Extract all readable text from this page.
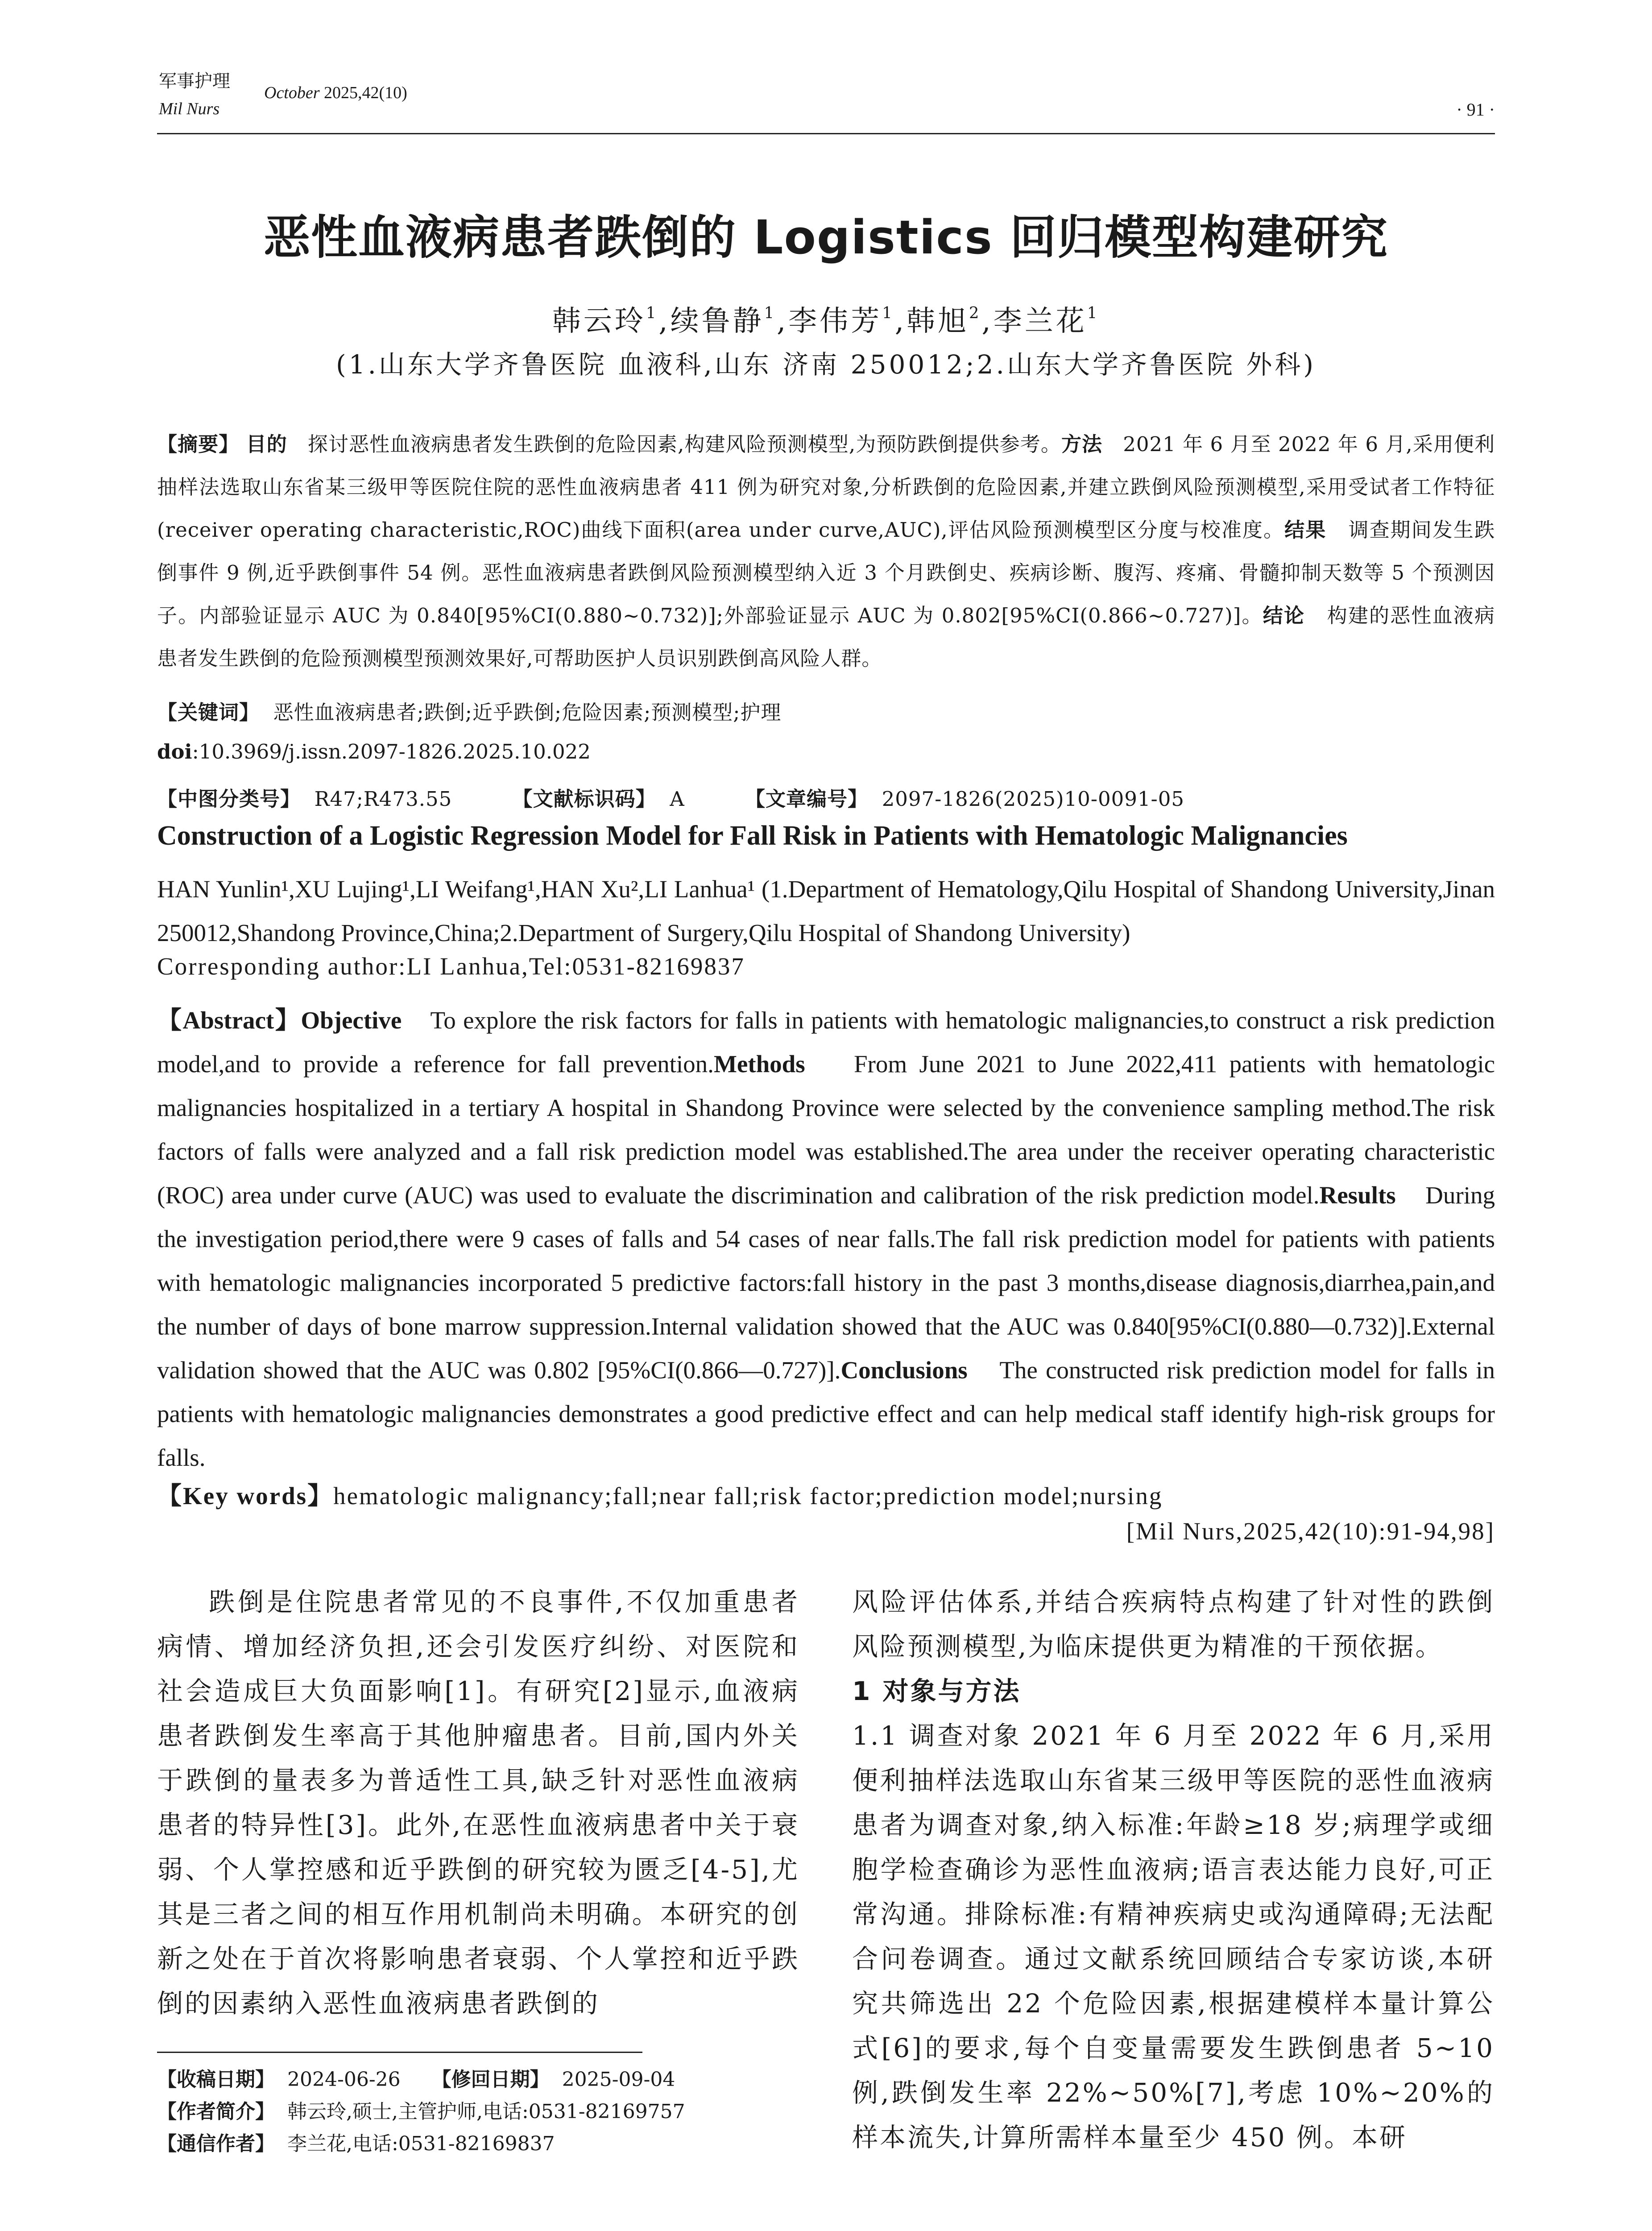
军事护理
Mil Nurs
October 2025,42(10)
· 91 ·
恶性血液病患者跌倒的 Logistics 回归模型构建研究
韩云玲$^1$,续鲁静$^1$,李伟芳$^1$,韩旭$^2$,李兰花$^1$
(1.山东大学齐鲁医院 血液科,山东 济南 250012;2.山东大学齐鲁医院 外科)
【摘要】 目的 探讨恶性血液病患者发生跌倒的危险因素,构建风险预测模型,为预防跌倒提供参考。方法 2021 年 6 月至 2022 年 6 月,采用便利抽样法选取山东省某三级甲等医院住院的恶性血液病患者 411 例为研究对象,分析跌倒的危险因素,并建立跌倒风险预测模型,采用受试者工作特征(receiver operating characteristic,ROC)曲线下面积(area under curve,AUC),评估风险预测模型区分度与校准度。结果 调查期间发生跌倒事件 9 例,近乎跌倒事件 54 例。恶性血液病患者跌倒风险预测模型纳入近 3 个月跌倒史、疾病诊断、腹泻、疼痛、骨髓抑制天数等 5 个预测因子。内部验证显示 AUC 为 0.840[95%CI(0.880~0.732)];外部验证显示 AUC 为 0.802[95%CI(0.866~0.727)]。结论 构建的恶性血液病患者发生跌倒的危险预测模型预测效果好,可帮助医护人员识别跌倒高风险人群。
【关键词】 恶性血液病患者;跌倒;近乎跌倒;危险因素;预测模型;护理
doi:10.3969/j.issn.2097-1826.2025.10.022
【中图分类号】 R47;R473.55	【文献标识码】 A	【文章编号】 2097-1826(2025)10-0091-05
Construction of a Logistic Regression Model for Fall Risk in Patients with Hematologic Malignancies
HAN Yunlin¹,XU Lujing¹,LI Weifang¹,HAN Xu²,LI Lanhua¹ (1.Department of Hematology,Qilu Hospital of Shandong University,Jinan 250012,Shandong Province,China;2.Department of Surgery,Qilu Hospital of Shandong University)
Corresponding author:LI Lanhua,Tel:0531-82169837
【Abstract】Objective To explore the risk factors for falls in patients with hematologic malignancies,to construct a risk prediction model,and to provide a reference for fall prevention.Methods From June 2021 to June 2022,411 patients with hematologic malignancies hospitalized in a tertiary A hospital in Shandong Province were selected by the convenience sampling method.The risk factors of falls were analyzed and a fall risk prediction model was established.The area under the receiver operating characteristic (ROC) area under curve (AUC) was used to evaluate the discrimination and calibration of the risk prediction model.Results During the investigation period,there were 9 cases of falls and 54 cases of near falls.The fall risk prediction model for patients with patients with hematologic malignancies incorporated 5 predictive factors:fall history in the past 3 months,disease diagnosis,diarrhea,pain,and the number of days of bone marrow suppression.Internal validation showed that the AUC was 0.840[95%CI(0.880—0.732)].External validation showed that the AUC was 0.802 [95%CI(0.866—0.727)].Conclusions The constructed risk prediction model for falls in patients with hematologic malignancies demonstrates a good predictive effect and can help medical staff identify high-risk groups for falls.
【Key words】hematologic malignancy;fall;near fall;risk factor;prediction model;nursing
[Mil Nurs,2025,42(10):91-94,98]

跌倒是住院患者常见的不良事件,不仅加重患者病情、增加经济负担,还会引发医疗纠纷、对医院和社会造成巨大负面影响[1]。有研究[2]显示,血液病患者跌倒发生率高于其他肿瘤患者。目前,国内外关于跌倒的量表多为普适性工具,缺乏针对恶性血液病患者的特异性[3]。此外,在恶性血液病患者中关于衰弱、个人掌控感和近乎跌倒的研究较为匮乏[4-5],尤其是三者之间的相互作用机制尚未明确。本研究的创新之处在于首次将影响患者衰弱、个人掌控和近乎跌倒的因素纳入恶性血液病患者跌倒的

风险评估体系,并结合疾病特点构建了针对性的跌倒风险预测模型,为临床提供更为精准的干预依据。

1 对象与方法

1.1 调查对象 2021 年 6 月至 2022 年 6 月,采用便利抽样法选取山东省某三级甲等医院的恶性血液病患者为调查对象,纳入标准:年龄≥18 岁;病理学或细胞学检查确诊为恶性血液病;语言表达能力良好,可正常沟通。排除标准:有精神疾病史或沟通障碍;无法配合问卷调查。通过文献系统回顾结合专家访谈,本研究共筛选出 22 个危险因素,根据建模样本量计算公式[6]的要求,每个自变量需要发生跌倒患者 5~10 例,跌倒发生率 22%~50%[7],考虑 10%~20%的样本流失,计算所需样本量至少 450 例。本研

【收稿日期】 2024-06-26 【修回日期】 2025-09-04
【作者简介】 韩云玲,硕士,主管护师,电话:0531-82169757
【通信作者】 李兰花,电话:0531-82169837
